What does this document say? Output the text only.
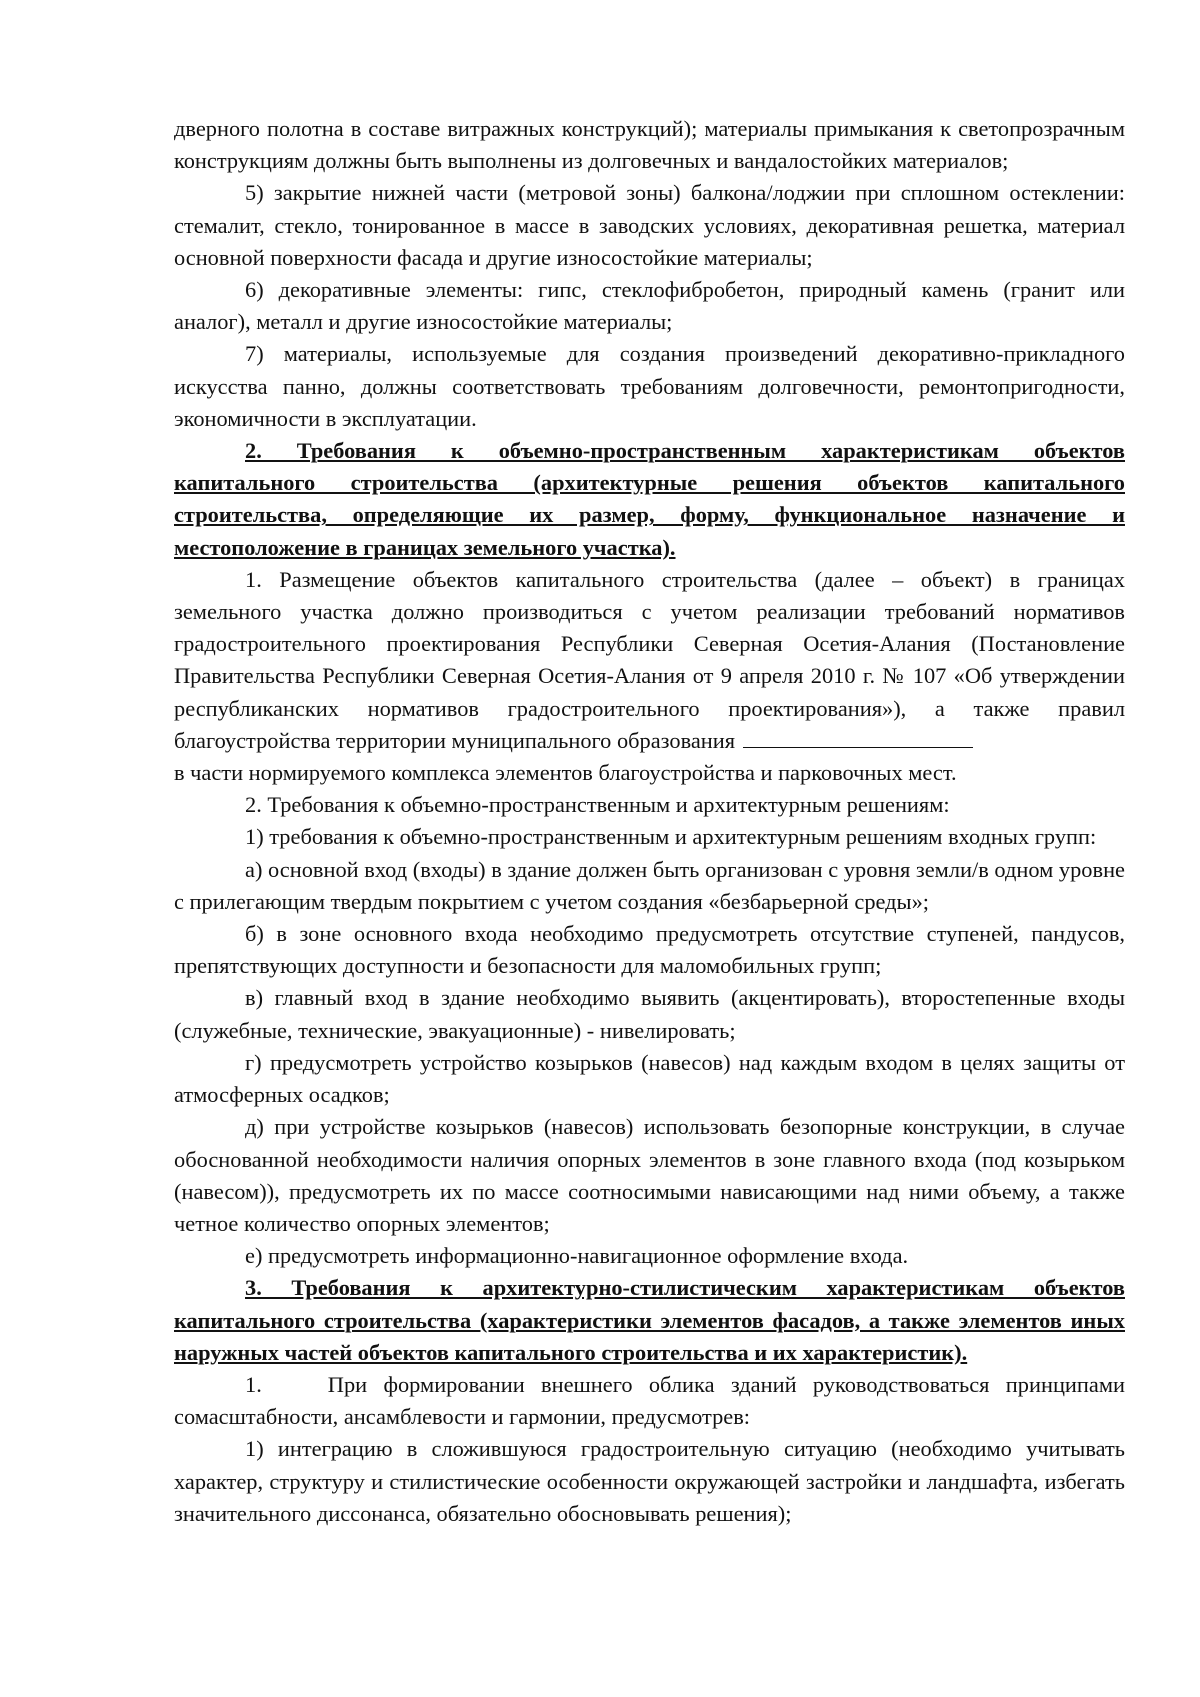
дверного полотна в составе витражных конструкций); материалы примыкания к светопрозрачным конструкциям должны быть выполнены из долговечных и вандалостойких материалов;

5) закрытие нижней части (метровой зоны) балкона/лоджии при сплошном остеклении: стемалит, стекло, тонированное в массе в заводских условиях, декоративная решетка, материал основной поверхности фасада и другие износостойкие материалы;

6) декоративные элементы: гипс, стеклофибробетон, природный камень (гранит или аналог), металл и другие износостойкие материалы;

7) материалы, используемые для создания произведений декоративно-прикладного искусства панно, должны соответствовать требованиям долговечности, ремонтопригодности, экономичности в эксплуатации.

2. Требования к объемно-пространственным характеристикам объектов капитального строительства (архитектурные решения объектов капитального строительства, определяющие их размер, форму, функциональное назначение и местоположение в границах земельного участка).

1. Размещение объектов капитального строительства (далее – объект) в границах земельного участка должно производиться с учетом реализации требований нормативов градостроительного проектирования Республики Северная Осетия-Алания (Постановление Правительства Республики Северная Осетия-Алания от 9 апреля 2010 г. № 107 «Об утверждении республиканских нормативов градостроительного проектирования»), а также правил благоустройства территории муниципального образования

в части нормируемого комплекса элементов благоустройства и парковочных мест.

2. Требования к объемно-пространственным и архитектурным решениям:

1) требования к объемно-пространственным и архитектурным решениям входных групп:

а) основной вход (входы) в здание должен быть организован с уровня земли/в одном уровне с прилегающим твердым покрытием с учетом создания «безбарьерной среды»;

б) в зоне основного входа необходимо предусмотреть отсутствие ступеней, пандусов, препятствующих доступности и безопасности для маломобильных групп;

в) главный вход в здание необходимо выявить (акцентировать), второстепенные входы (служебные, технические, эвакуационные) - нивелировать;

г) предусмотреть устройство козырьков (навесов) над каждым входом в целях защиты от атмосферных осадков;

д) при устройстве козырьков (навесов) использовать безопорные конструкции, в случае обоснованной необходимости наличия опорных элементов в зоне главного входа (под козырьком (навесом)), предусмотреть их по массе соотносимыми нависающими над ними объему, а также четное количество опорных элементов;

е) предусмотреть информационно-навигационное оформление входа.

3. Требования к архитектурно-стилистическим характеристикам объектов капитального строительства (характеристики элементов фасадов, а также элементов иных наружных частей объектов капитального строительства и их характеристик).

1.	При формировании внешнего облика зданий руководствоваться принципами сомасштабности, ансамблевости и гармонии, предусмотрев:

1) интеграцию в сложившуюся градостроительную ситуацию (необходимо учитывать характер, структуру и стилистические особенности окружающей застройки и ландшафта, избегать значительного диссонанса, обязательно обосновывать решения);
